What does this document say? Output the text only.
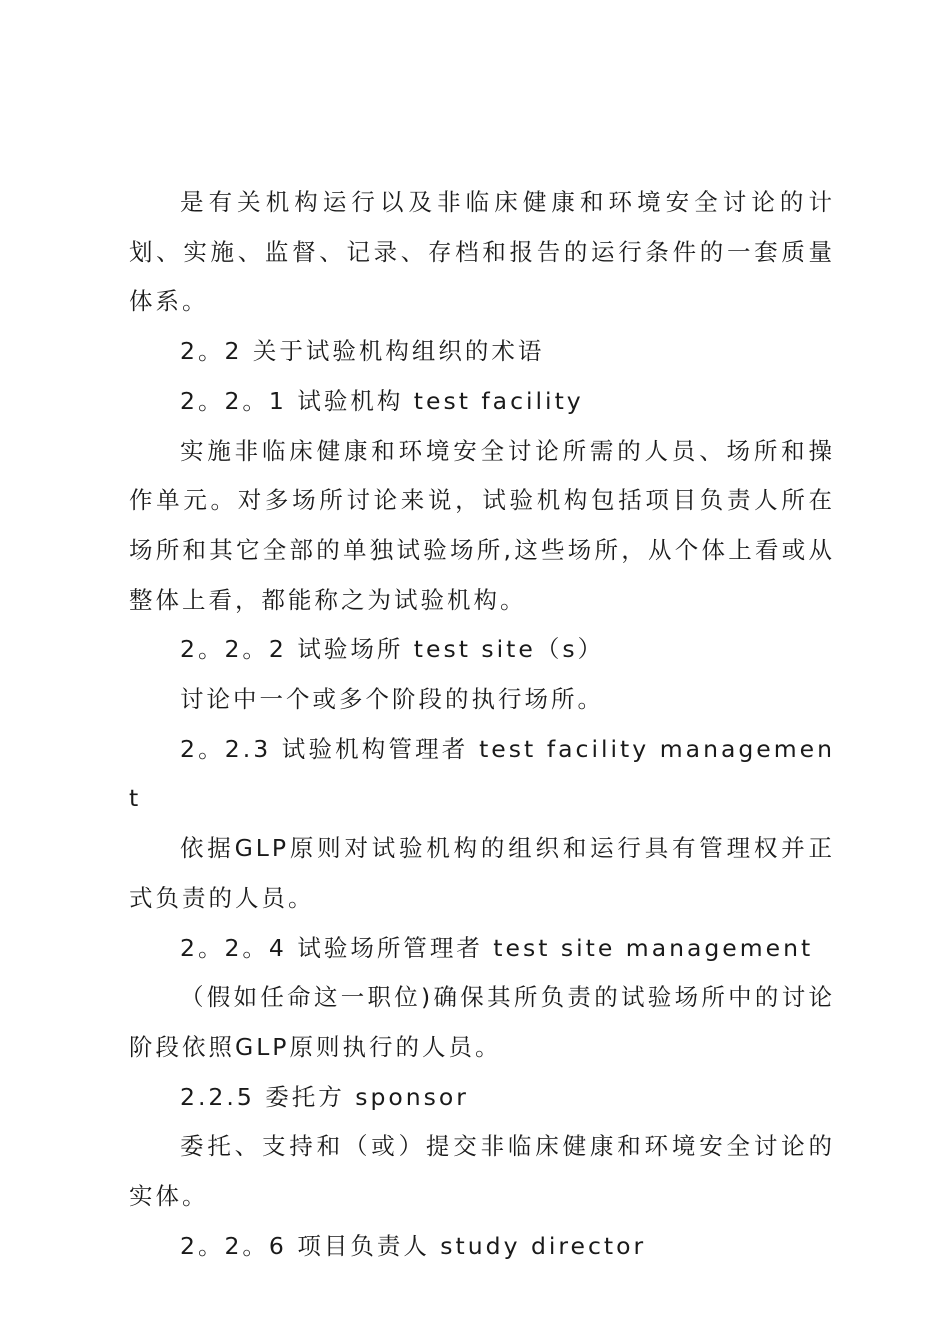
是有关机构运行以及非临床健康和环境安全讨论的计划、实施、监督、记录、存档和报告的运行条件的一套质量体系。

2。2 关于试验机构组织的术语

2。2。1 试验机构 test facility

实施非临床健康和环境安全讨论所需的人员、场所和操作单元。对多场所讨论来说，试验机构包括项目负责人所在场所和其它全部的单独试验场所,这些场所，从个体上看或从整体上看，都能称之为试验机构。

2。2。2 试验场所 test site（s）

讨论中一个或多个阶段的执行场所。

2。2.3 试验机构管理者 test facility management

依据GLP原则对试验机构的组织和运行具有管理权并正式负责的人员。

2。2。4 试验场所管理者 test site management

（假如任命这一职位)确保其所负责的试验场所中的讨论阶段依照GLP原则执行的人员。

2.2.5 委托方 sponsor

委托、支持和（或）提交非临床健康和环境安全讨论的实体。

2。2。6 项目负责人 study director
